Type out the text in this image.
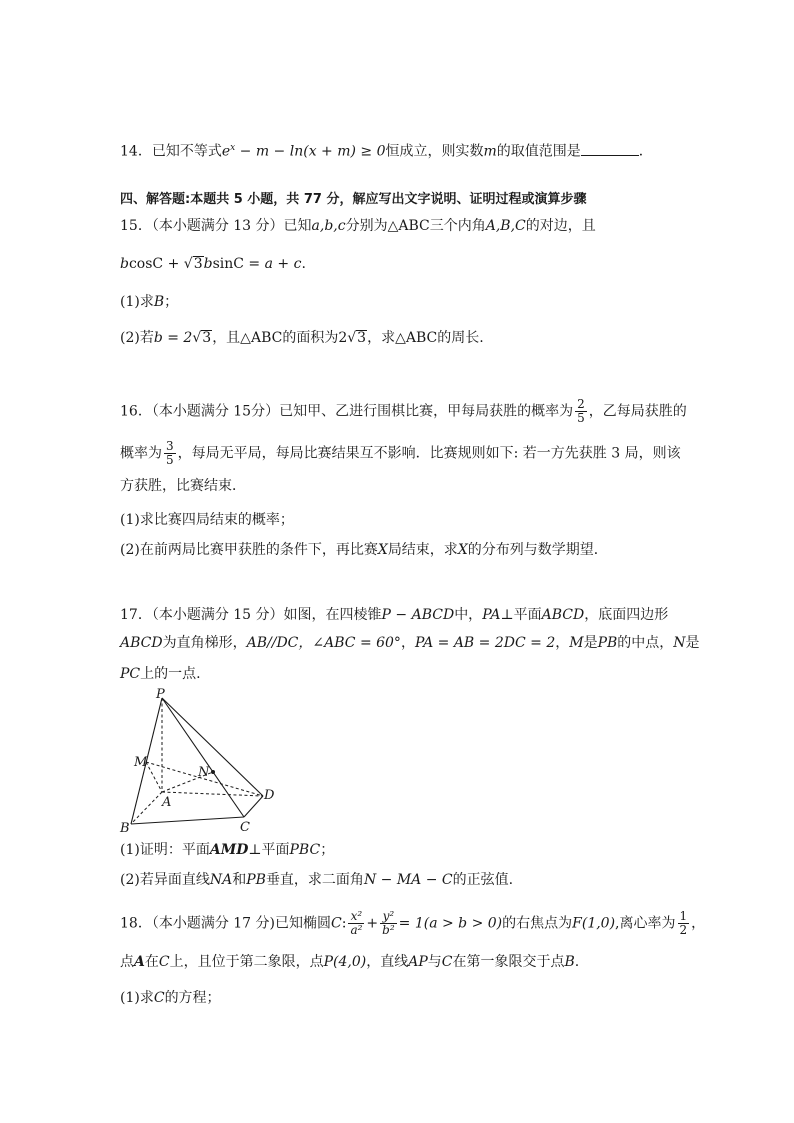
14．已知不等式$e^x - m - \ln(x + m) \ge 0$恒成立，则实数m的取值范围是	．
四、解答题:本题共 5 小题，共 77 分，解应写出文字说明、证明过程或演算步骤
15．（本小题满分 13 分）已知a,b,c分别为△ABC三个内角A,B,C的对边，且
bcosC + √3bsinC = a + c.
(1)求B；
(2)若b = 2√3，且△ABC的面积为2√3，求△ABC的周长.
16．（本小题满分 15分）已知甲、乙进行围棋比赛，甲每局获胜的概率为 $\frac{2}{5}$ ，乙每局获胜的
概率为 $\frac{3}{5}$ ，每局无平局，每局比赛结果互不影响．比赛规则如下: 若一方先获胜 3 局，则该
方获胜，比赛结束．
(1)求比赛四局结束的概率；
(2)在前两局比赛甲获胜的条件下，再比赛X局结束，求X的分布列与数学期望．
17．（本小题满分 15 分）如图，在四棱锥P − ABCD中，PA⊥平面ABCD，底面四边形
ABCD为直角梯形，AB//DC，∠ABC = 60°，PA = AB = 2DC = 2，M是PB的中点，N是
PC上的一点.
P
M
N
A	D
B	C
(1)证明：平面AMD⊥平面PBC；
(2)若异面直线NA和PB垂直，求二面角N − MA − C的正弦值.
18．（本小题满分 17 分)已知椭圆C: $\frac{\text{x²}}{\text{a²}} + \frac{\text{y²}}{\text{b²}} = 1(a > b > 0)$的右焦点为F(1,0),离心率为 $\frac{1}{2}$ ，
点A在C上，且位于第二象限，点P(4,0)，直线AP与C在第一象限交于点B.
(1)求C的方程；
